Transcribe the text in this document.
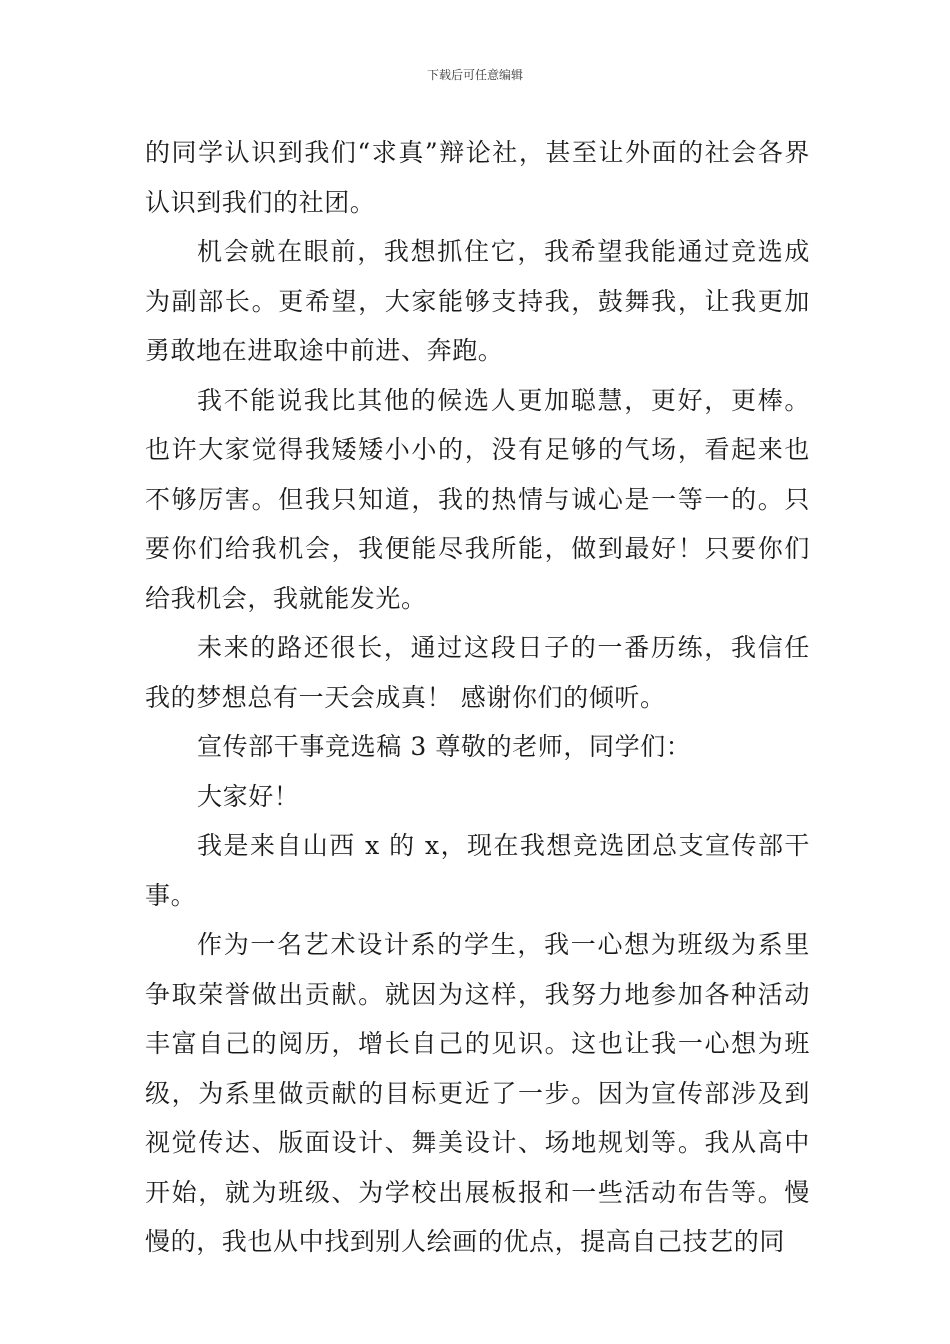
下载后可任意编辑

的同学认识到我们“求真”辩论社，甚至让外面的社会各界认识到我们的社团。

机会就在眼前，我想抓住它，我希望我能通过竞选成为副部长。更希望，大家能够支持我，鼓舞我，让我更加勇敢地在进取途中前进、奔跑。

我不能说我比其他的候选人更加聪慧，更好，更棒。也许大家觉得我矮矮小小的，没有足够的气场，看起来也不够厉害。但我只知道，我的热情与诚心是一等一的。只要你们给我机会，我便能尽我所能，做到最好！只要你们给我机会，我就能发光。

未来的路还很长，通过这段日子的一番历练，我信任我的梦想总有一天会成真！ 感谢你们的倾听。

宣传部干事竞选稿 3 尊敬的老师，同学们：

大家好！

我是来自山西 x 的 x，现在我想竞选团总支宣传部干事。

作为一名艺术设计系的学生，我一心想为班级为系里争取荣誉做出贡献。就因为这样，我努力地参加各种活动丰富自己的阅历，增长自己的见识。这也让我一心想为班级，为系里做贡献的目标更近了一步。因为宣传部涉及到视觉传达、版面设计、舞美设计、场地规划等。我从高中开始，就为班级、为学校出展板报和一些活动布告等。慢慢的，我也从中找到别人绘画的优点，提高自己技艺的同
